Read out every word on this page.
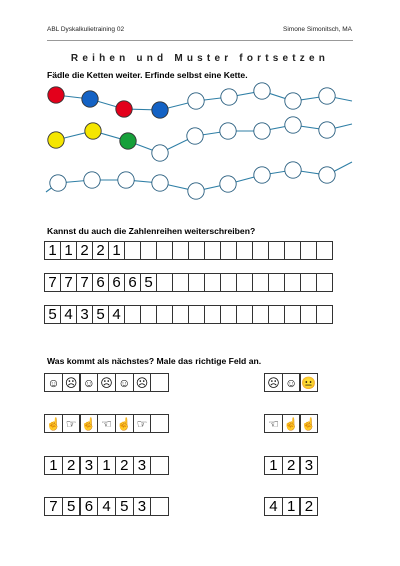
ABL Dyskalkulietraining 02	Simone Simonitsch, MA
Reihen und Muster fortsetzen
Fädle die Ketten weiter. Erfinde selbst eine Kette.
Kannst du auch die Zahlenreihen weiterschreiben?
1 1 2 2 1
7 7 7 6 6 6 5
5 4 3 5 4
Was kommt als nächstes? Male das richtige Feld an.
☺ ☹ ☺ ☹ ☺ ☹	☹ ☺ 😐
☝ ☞ ☝ ☜ ☝ ☞	☜ ☝ ☝
1 2 3 1 2 3	1 2 3
7 5 6 4 5 3	4 1 2
